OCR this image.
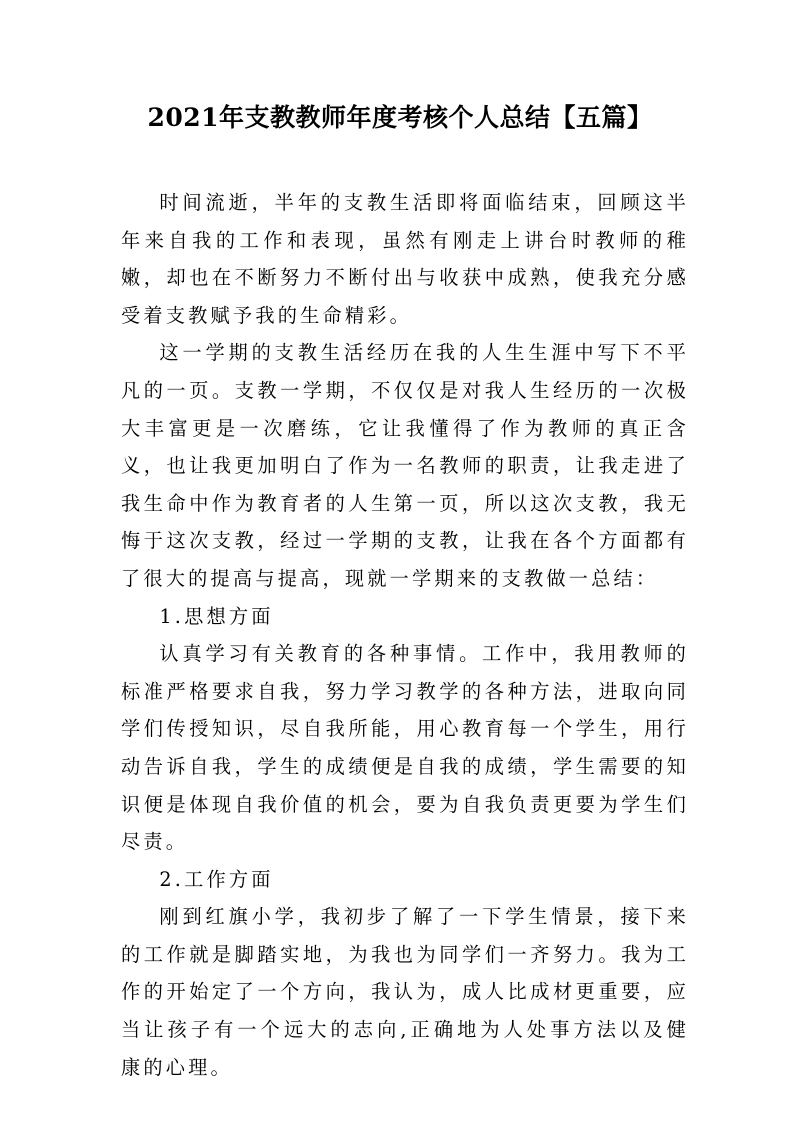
2021年支教教师年度考核个人总结【五篇】

时间流逝，半年的支教生活即将面临结束，回顾这半年来自我的工作和表现，虽然有刚走上讲台时教师的稚嫩，却也在不断努力不断付出与收获中成熟，使我充分感受着支教赋予我的生命精彩。

这一学期的支教生活经历在我的人生生涯中写下不平凡的一页。支教一学期，不仅仅是对我人生经历的一次极大丰富更是一次磨练，它让我懂得了作为教师的真正含义，也让我更加明白了作为一名教师的职责，让我走进了我生命中作为教育者的人生第一页，所以这次支教，我无悔于这次支教，经过一学期的支教，让我在各个方面都有了很大的提高与提高，现就一学期来的支教做一总结：

1.思想方面

认真学习有关教育的各种事情。工作中，我用教师的标准严格要求自我，努力学习教学的各种方法，进取向同学们传授知识，尽自我所能，用心教育每一个学生，用行动告诉自我，学生的成绩便是自我的成绩，学生需要的知识便是体现自我价值的机会，要为自我负责更要为学生们尽责。

2.工作方面

刚到红旗小学，我初步了解了一下学生情景，接下来的工作就是脚踏实地，为我也为同学们一齐努力。我为工作的开始定了一个方向，我认为，成人比成材更重要，应当让孩子有一个远大的志向,正确地为人处事方法以及健康的心理。
